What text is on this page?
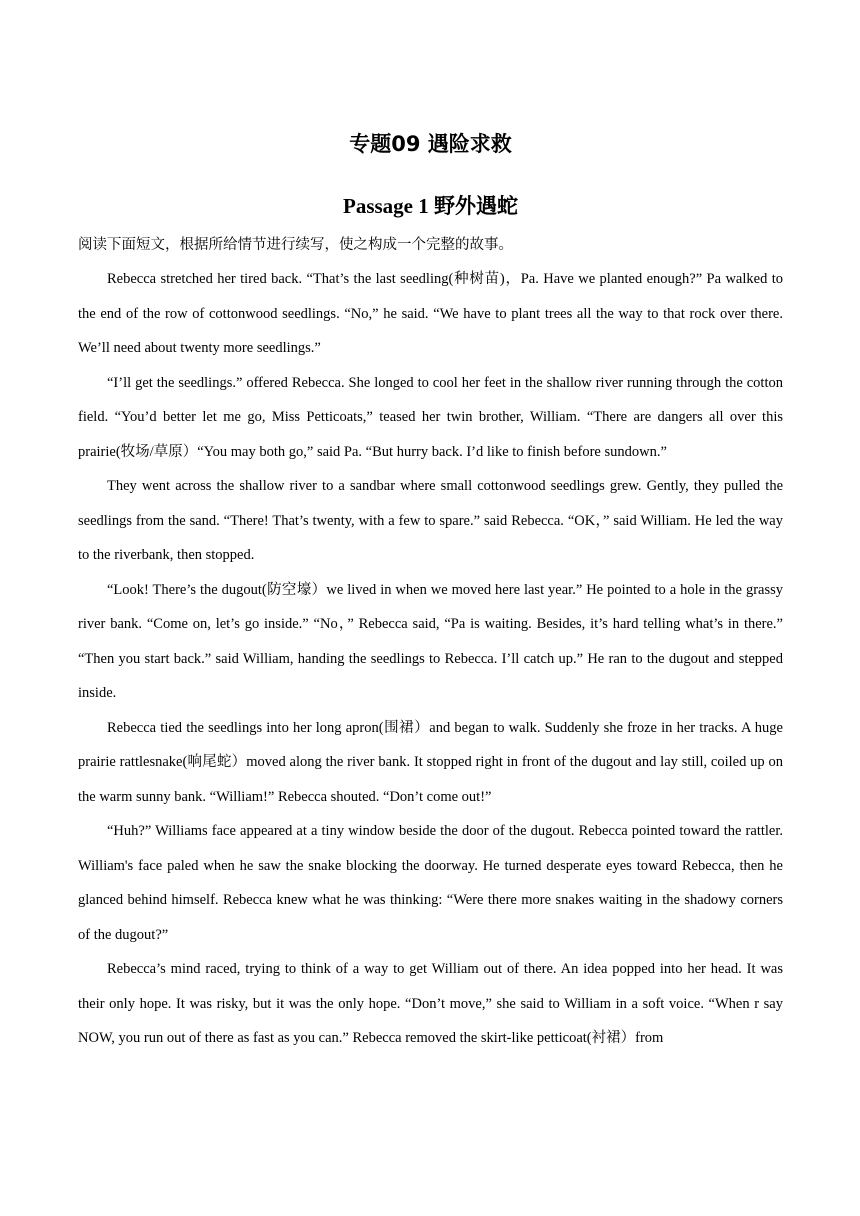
专题09 遇险求救
Passage 1 野外遇蛇

阅读下面短文，根据所给情节进行续写，使之构成一个完整的故事。

Rebecca stretched her tired back. “That’s the last seedling(种树苗)，Pa. Have we planted enough?” Pa walked to the end of the row of cottonwood seedlings. “No,” he said. “We have to plant trees all the way to that rock over there. We’ll need about twenty more seedlings.”

“I’ll get the seedlings.” offered Rebecca. She longed to cool her feet in the shallow river running through the cotton field. “You’d better let me go, Miss Petticoats,” teased her twin brother, William. “There are dangers all over this prairie(牧场/草原）“You may both go,” said Pa. “But hurry back. I’d like to finish before sundown.”

They went across the shallow river to a sandbar where small cottonwood seedlings grew. Gently, they pulled the seedlings from the sand. “There! That’s twenty, with a few to spare.” said Rebecca. “OK，” said William. He led the way to the riverbank, then stopped.

“Look! There’s the dugout(防空壕）we lived in when we moved here last year.” He pointed to a hole in the grassy river bank. “Come on, let’s go inside.” “No，” Rebecca said, “Pa is waiting. Besides, it’s hard telling what’s in there.” “Then you start back.” said William, handing the seedlings to Rebecca. I’ll catch up.” He ran to the dugout and stepped inside.

Rebecca tied the seedlings into her long apron(围裙）and began to walk. Suddenly she froze in her tracks. A huge prairie rattlesnake(响尾蛇）moved along the river bank. It stopped right in front of the dugout and lay still, coiled up on the warm sunny bank. “William!” Rebecca shouted. “Don’t come out!”

“Huh?” Williams face appeared at a tiny window beside the door of the dugout. Rebecca pointed toward the rattler. William's face paled when he saw the snake blocking the doorway. He turned desperate eyes toward Rebecca, then he glanced behind himself. Rebecca knew what he was thinking: “Were there more snakes waiting in the shadowy corners of the dugout?”

Rebecca’s mind raced, trying to think of a way to get William out of there. An idea popped into her head. It was their only hope. It was risky, but it was the only hope. “Don’t move,” she said to William in a soft voice. “When r say NOW, you run out of there as fast as you can.” Rebecca removed the skirt-like petticoat(衬裙）from
